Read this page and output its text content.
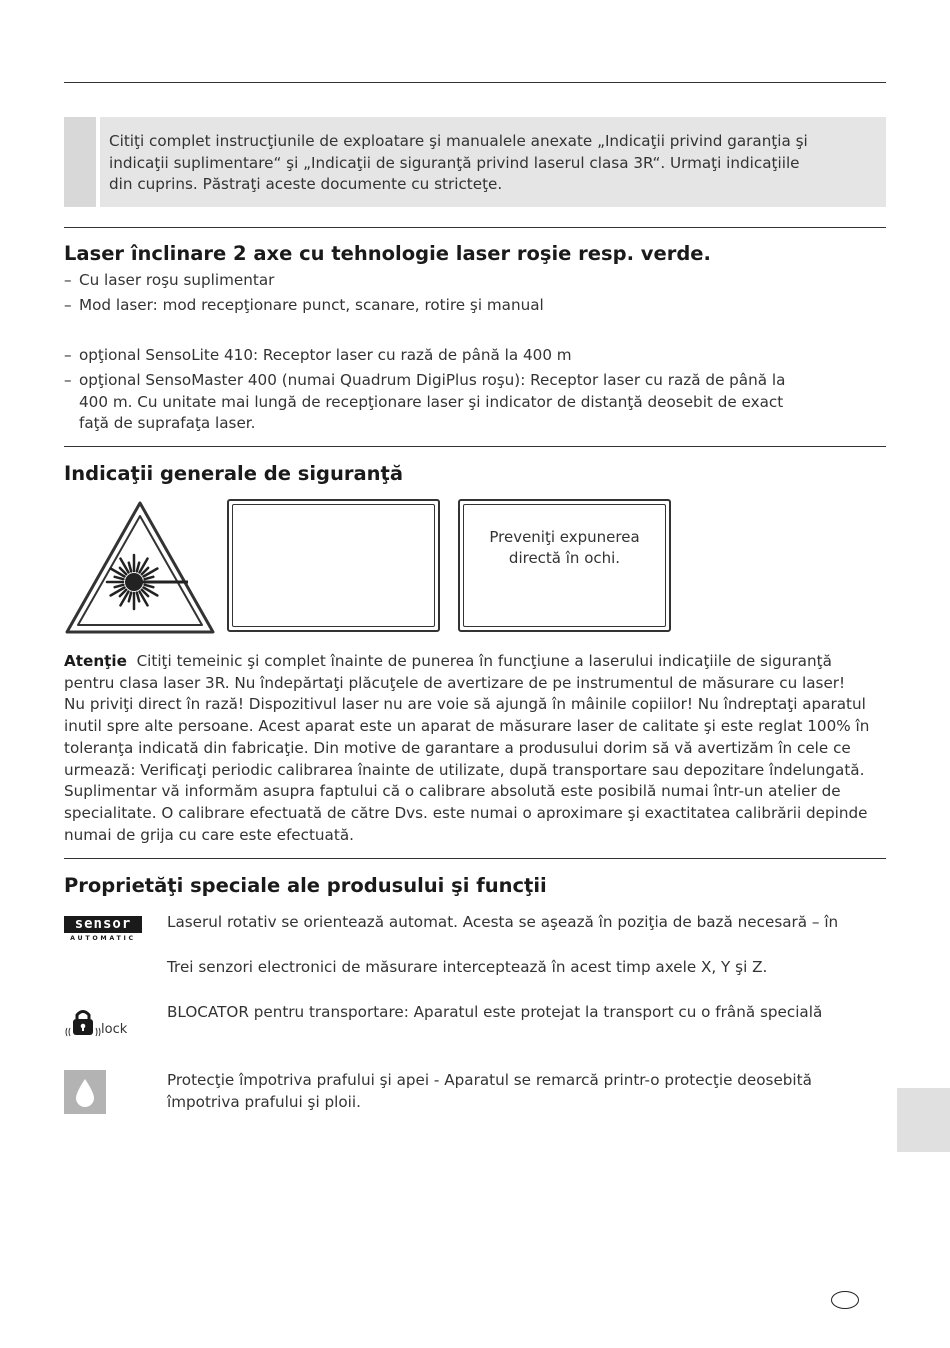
Citiţi complet instrucţiunile de exploatare şi manualele anexate „Indicaţii privind garanţia şi
indicaţii suplimentare“ şi „Indicaţii de siguranţă privind laserul clasa 3R“. Urmaţi indicaţiile
din cuprins. Păstraţi aceste documente cu stricteţe.
Laser înclinare 2 axe cu tehnologie laser roşie resp. verde.
– Cu laser roşu suplimentar
– Mod laser: mod recepţionare punct, scanare, rotire şi manual
– opţional SensoLite 410: Receptor laser cu rază de până la 400 m
– opţional SensoMaster 400 (numai Quadrum DigiPlus roşu): Receptor laser cu rază de până la
400 m. Cu unitate mai lungă de recepţionare laser şi indicator de distanţă deosebit de exact
faţă de suprafaţa laser.
Indicaţii generale de siguranţă
Preveniţi expunerea
directă în ochi.
Atenţie Citiţi temeinic şi complet înainte de punerea în funcţiune a laserului indicaţiile de siguranţă
pentru clasa laser 3R. Nu îndepărtaţi plăcuţele de avertizare de pe instrumentul de măsurare cu laser!
Nu priviţi direct în rază! Dispozitivul laser nu are voie să ajungă în mâinile copiilor! Nu îndreptaţi aparatul
inutil spre alte persoane. Acest aparat este un aparat de măsurare laser de calitate şi este reglat 100% în
toleranţa indicată din fabricaţie. Din motive de garantare a produsului dorim să vă avertizăm în cele ce
urmează: Verificaţi periodic calibrarea înainte de utilizate, după transportare sau depozitare îndelungată.
Suplimentar vă informăm asupra faptului că o calibrare absolută este posibilă numai într-un atelier de
specialitate. O calibrare efectuată de către Dvs. este numai o aproximare şi exactitatea calibrării depinde
numai de grija cu care este efectuată.
Proprietăţi speciale ale produsului şi funcţii
sensor
AUTOMATIC
Laserul rotativ se orientează automat. Acesta se aşează în poziţia de bază necesară – în
Trei senzori electronici de măsurare interceptează în acest timp axele X, Y şi Z.
lock
BLOCATOR pentru transportare: Aparatul este protejat la transport cu o frână specială
Protecţie împotriva prafului şi apei - Aparatul se remarcă printr-o protecţie deosebită
împotriva prafului şi ploii.
